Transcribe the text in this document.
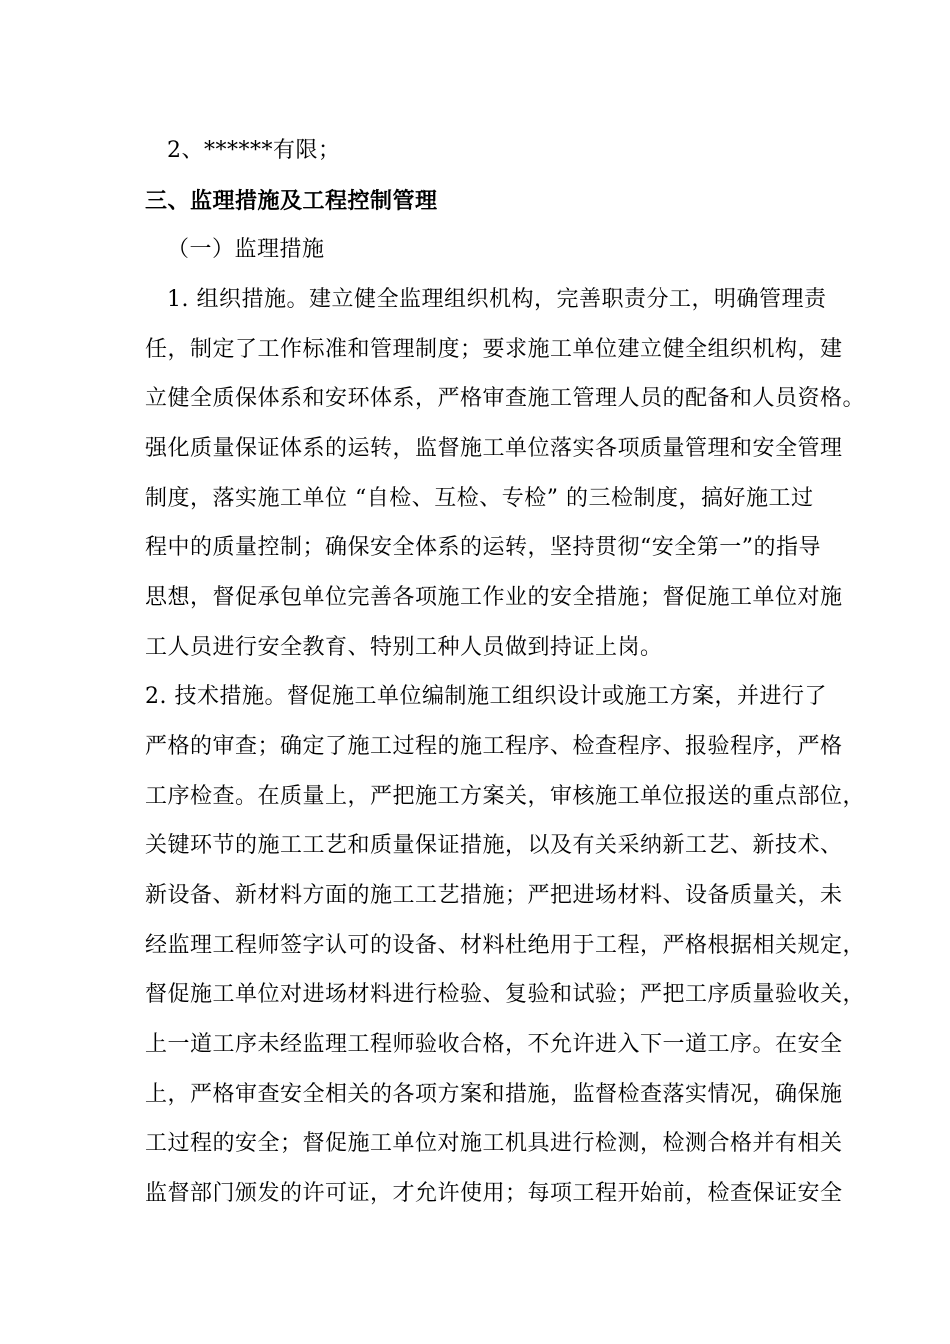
2、******有限；
三、监理措施及工程控制管理
（一）监理措施
1. 组织措施。建立健全监理组织机构，完善职责分工，明确管理责
任，制定了工作标准和管理制度；要求施工单位建立健全组织机构，建
立健全质保体系和安环体系，严格审查施工管理人员的配备和人员资格。
强化质量保证体系的运转，监督施工单位落实各项质量管理和安全管理
制度，落实施工单位 “自检、互检、专检” 的三检制度，搞好施工过
程中的质量控制；确保安全体系的运转，坚持贯彻“安全第一”的指导
思想，督促承包单位完善各项施工作业的安全措施；督促施工单位对施
工人员进行安全教育、特别工种人员做到持证上岗。
2. 技术措施。督促施工单位编制施工组织设计或施工方案，并进行了
严格的审查；确定了施工过程的施工程序、检查程序、报验程序，严格
工序检查。在质量上，严把施工方案关，审核施工单位报送的重点部位，
关键环节的施工工艺和质量保证措施，以及有关采纳新工艺、新技术、
新设备、新材料方面的施工工艺措施；严把进场材料、设备质量关，未
经监理工程师签字认可的设备、材料杜绝用于工程，严格根据相关规定，
督促施工单位对进场材料进行检验、复验和试验；严把工序质量验收关，
上一道工序未经监理工程师验收合格，不允许进入下一道工序。在安全
上，严格审查安全相关的各项方案和措施，监督检查落实情况，确保施
工过程的安全；督促施工单位对施工机具进行检测，检测合格并有相关
监督部门颁发的许可证，才允许使用；每项工程开始前，检查保证安全
